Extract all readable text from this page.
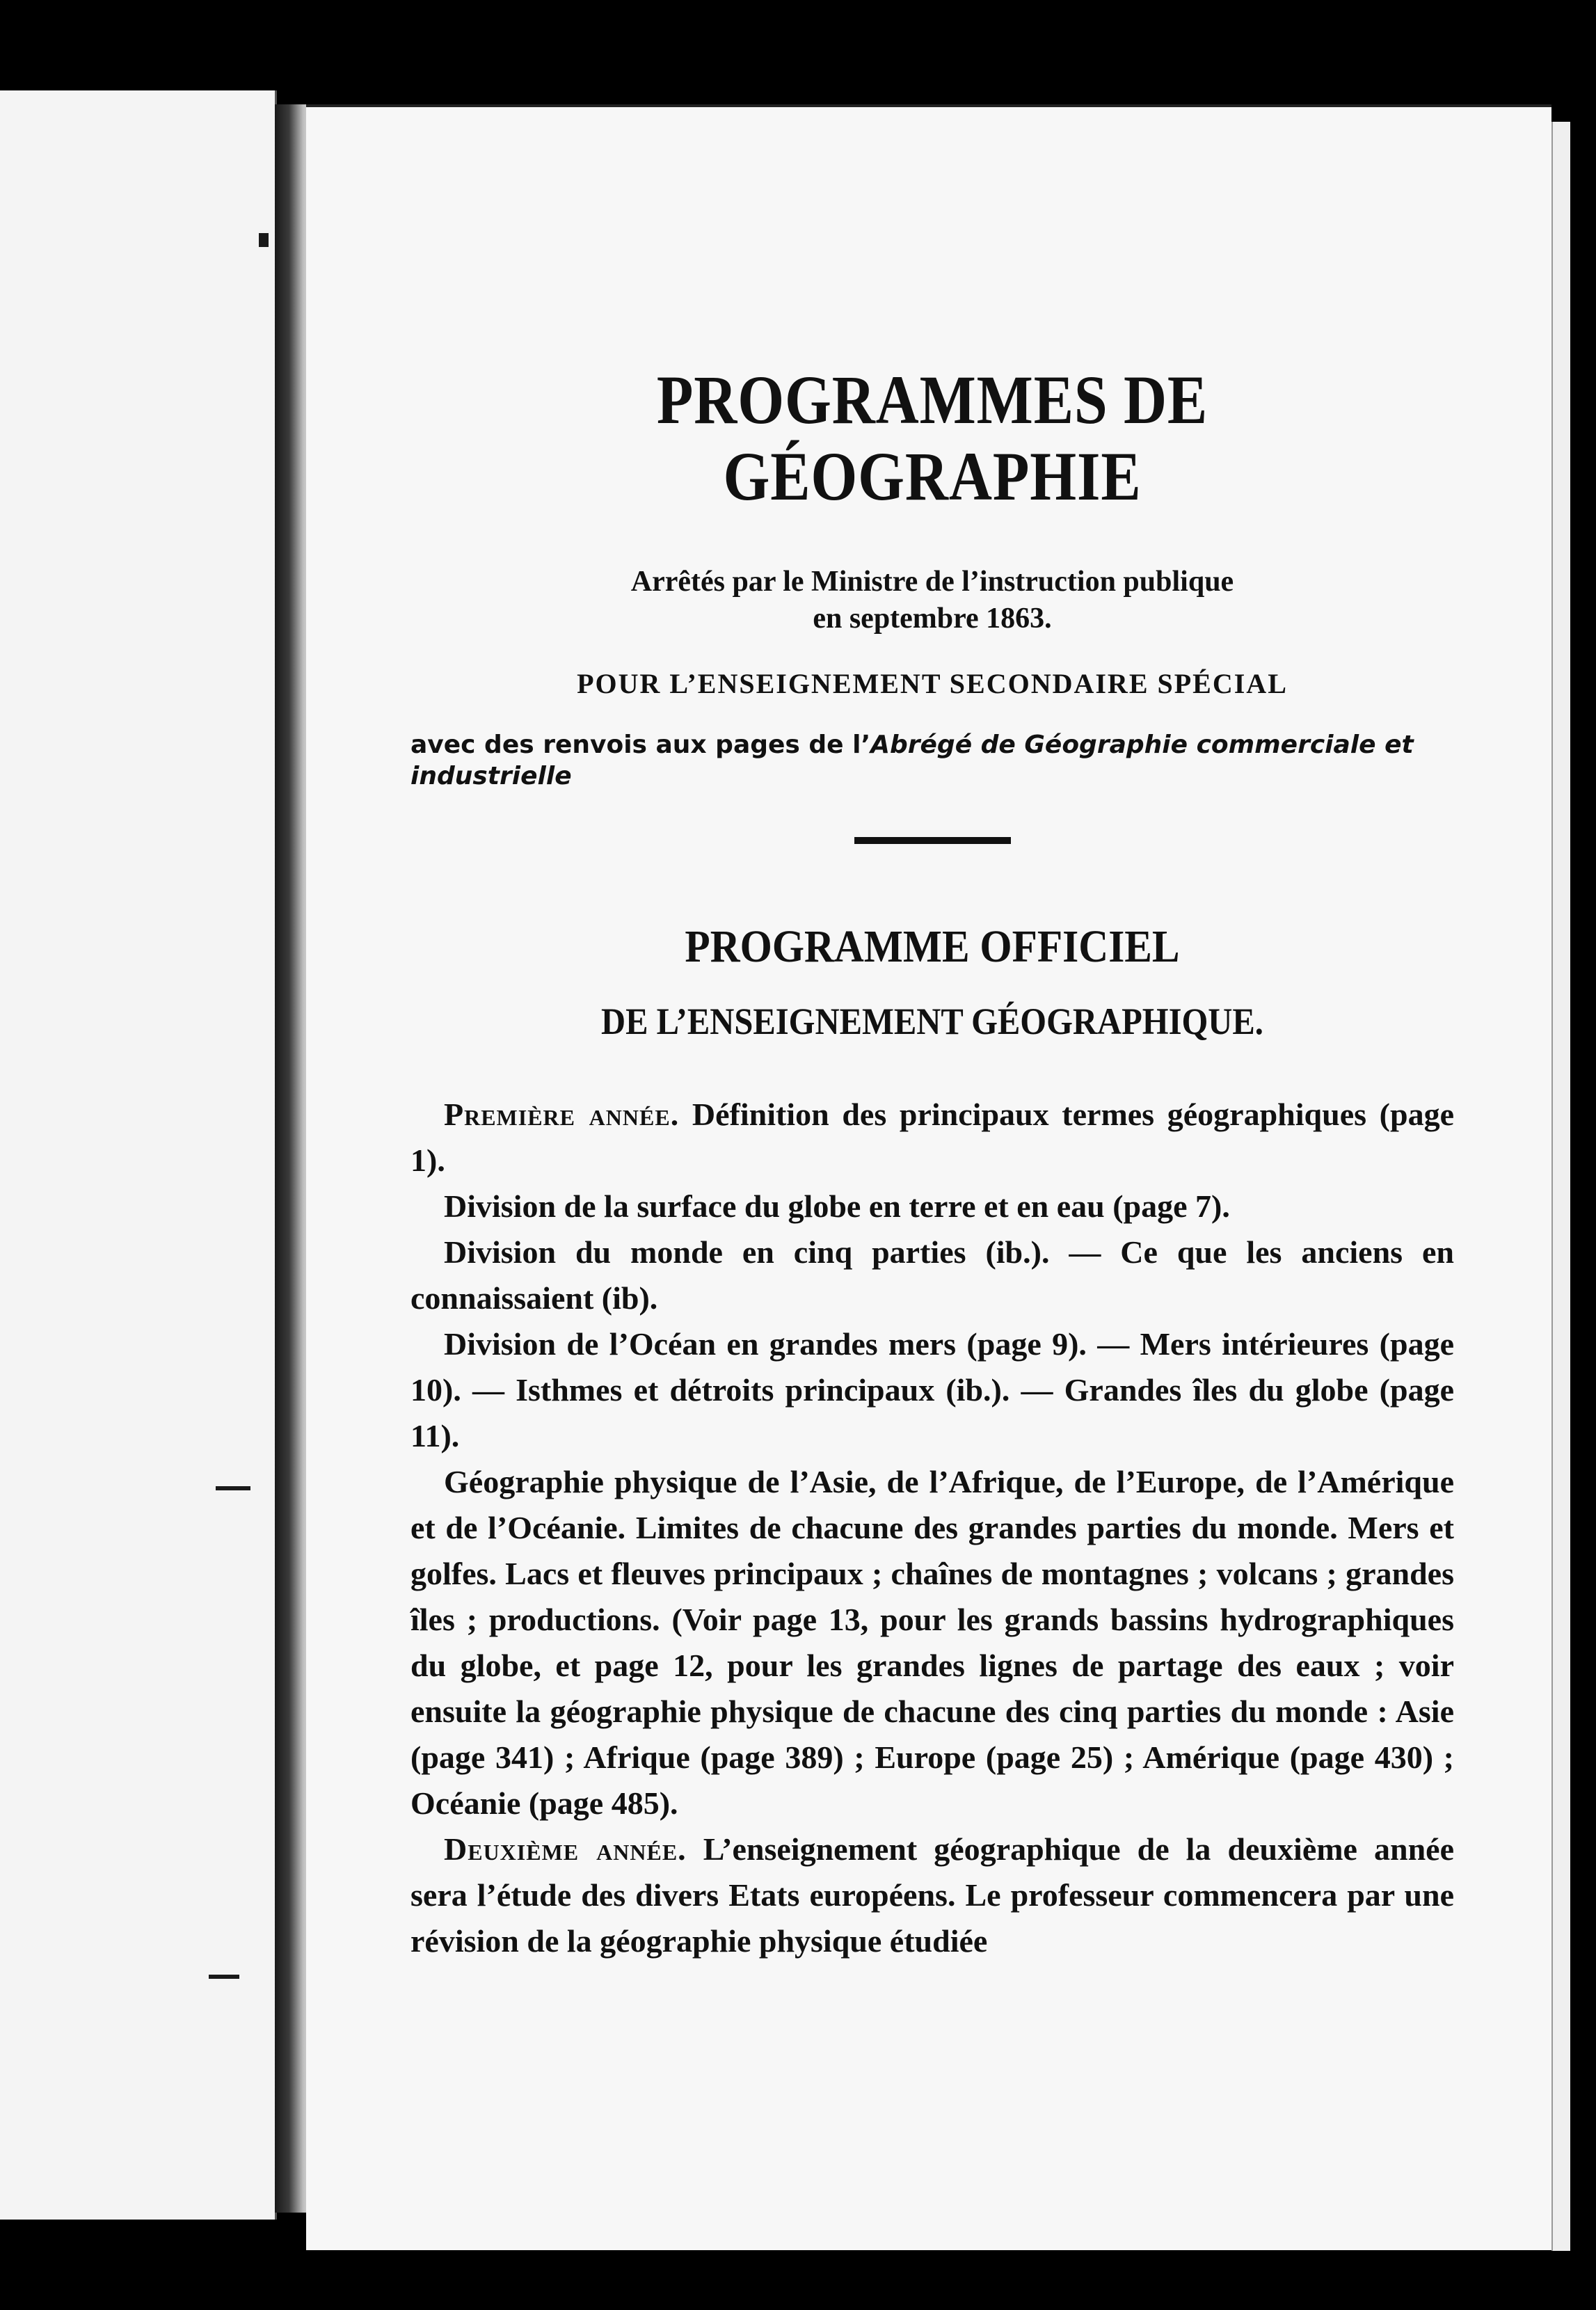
PROGRAMMES DE GÉOGRAPHIE
Arrêtés par le Ministre de l’instruction publique
en septembre 1863.
POUR L’ENSEIGNEMENT SECONDAIRE SPÉCIAL
avec des renvois aux pages de l’Abrégé de Géographie commerciale et industrielle
PROGRAMME OFFICIEL
DE L’ENSEIGNEMENT GÉOGRAPHIQUE.

Première année. Définition des principaux termes géographiques (page 1).

Division de la surface du globe en terre et en eau (page 7).

Division du monde en cinq parties (ib.). — Ce que les anciens en connaissaient (ib).

Division de l’Océan en grandes mers (page 9). — Mers intérieures (page 10). — Isthmes et détroits principaux (ib.). — Grandes îles du globe (page 11).

Géographie physique de l’Asie, de l’Afrique, de l’Europe, de l’Amérique et de l’Océanie. Limites de chacune des grandes parties du monde. Mers et golfes. Lacs et fleuves principaux ; chaînes de montagnes ; volcans ; grandes îles ; productions. (Voir page 13, pour les grands bassins hydrographiques du globe, et page 12, pour les grandes lignes de partage des eaux ; voir ensuite la géographie physique de chacune des cinq parties du monde : Asie (page 341) ; Afrique (page 389) ; Europe (page 25) ; Amérique (page 430) ; Océanie (page 485).

Deuxième année. L’enseignement géographique de la deuxième année sera l’étude des divers Etats européens. Le professeur commencera par une révision de la géographie physique étudiée
